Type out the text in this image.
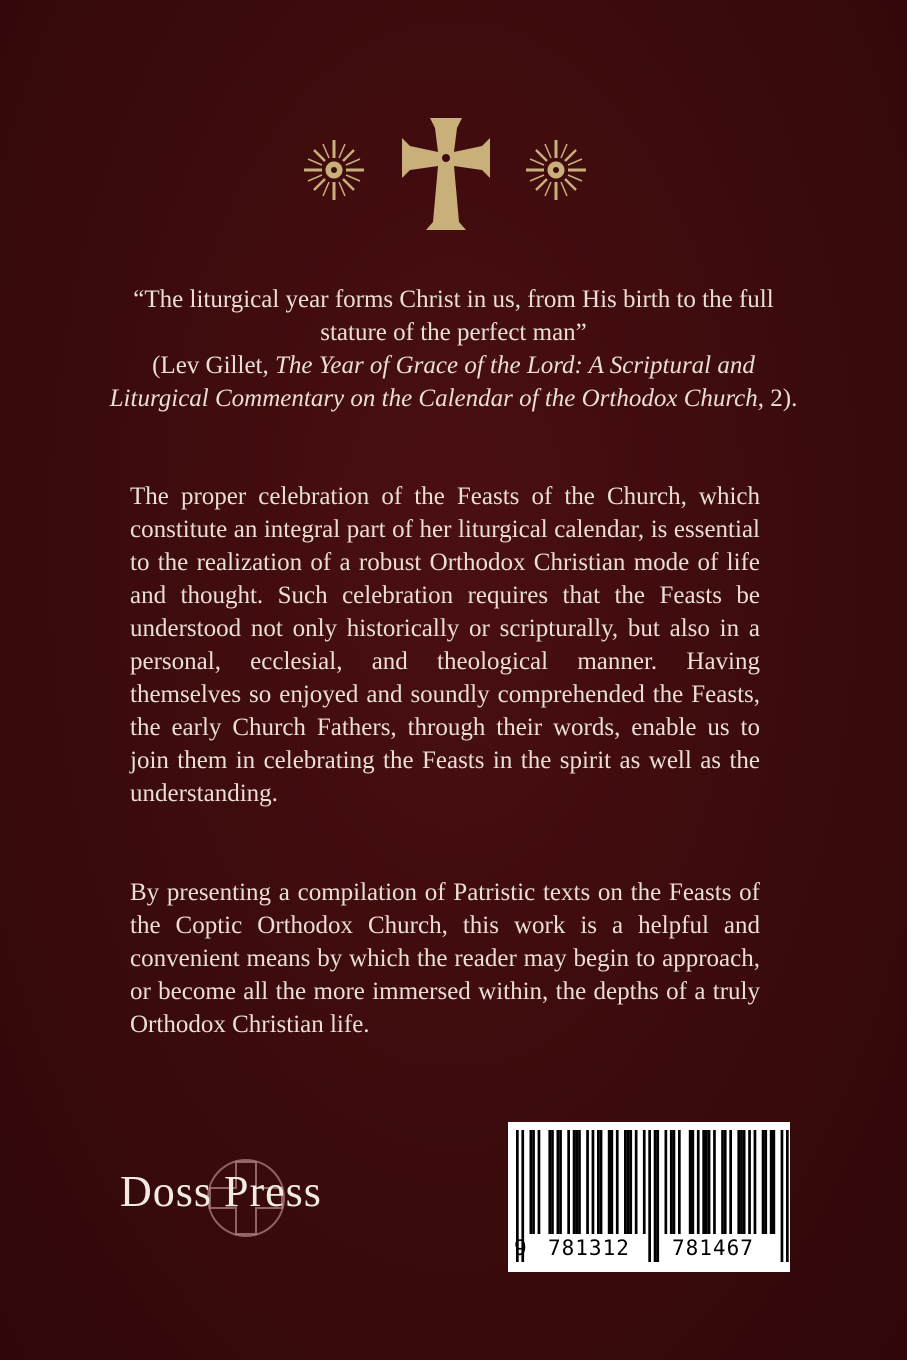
“The liturgical year forms Christ in us, from His birth to the full stature of the perfect man”
(Lev Gillet, The Year of Grace of the Lord: A Scriptural and Liturgical Commentary on the Calendar of the Orthodox Church, 2).

The proper celebration of the Feasts of the Church, which constitute an integral part of her liturgical calendar, is essential to the realization of a robust Orthodox Christian mode of life and thought. Such celebration requires that the Feasts be understood not only historically or scripturally, but also in a personal, ecclesial, and theological manner. Having themselves so enjoyed and soundly comprehended the Feasts, the early Church Fathers, through their words, enable us to join them in celebrating the Feasts in the spirit as well as the understanding.

By presenting a compilation of Patristic texts on the Feasts of the Coptic Orthodox Church, this work is a helpful and convenient means by which the reader may begin to approach, or become all the more immersed within, the depths of a truly Orthodox Christian life.

Doss Press
9 781312 781467
